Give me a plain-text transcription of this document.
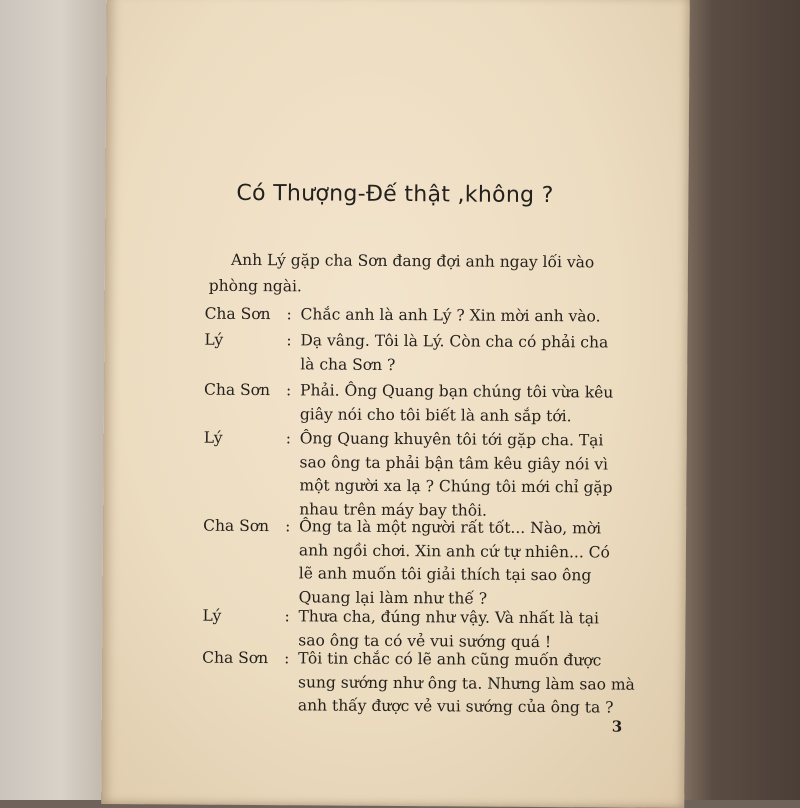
Có Thượng-Đế thật ,không ?

Anh Lý gặp cha Sơn đang đợi anh ngay lối vào phòng ngài.

Cha Sơn	: Chắc anh là anh Lý ? Xin mời anh vào.
Lý	: Dạ vâng. Tôi là Lý. Còn cha có phải cha
là cha Sơn ?
Cha Sơn	: Phải. Ông Quang bạn chúng tôi vừa kêu
giây nói cho tôi biết là anh sắp tới.
Lý	: Ông Quang khuyên tôi tới gặp cha. Tại
sao ông ta phải bận tâm kêu giây nói vì
một người xa lạ ? Chúng tôi mới chỉ gặp
nhau trên máy bay thôi.
Cha Sơn	: Ông ta là một người rất tốt... Nào, mời
anh ngồi chơi. Xin anh cứ tự nhiên... Có
lẽ anh muốn tôi giải thích tại sao ông
Quang lại làm như thế ?
Lý	: Thưa cha, đúng như vậy. Và nhất là tại
sao ông ta có vẻ vui sướng quá !
Cha Sơn	: Tôi tin chắc có lẽ anh cũng muốn được
sung sướng như ông ta. Nhưng làm sao mà
anh thấy được vẻ vui sướng của ông ta ?
3
